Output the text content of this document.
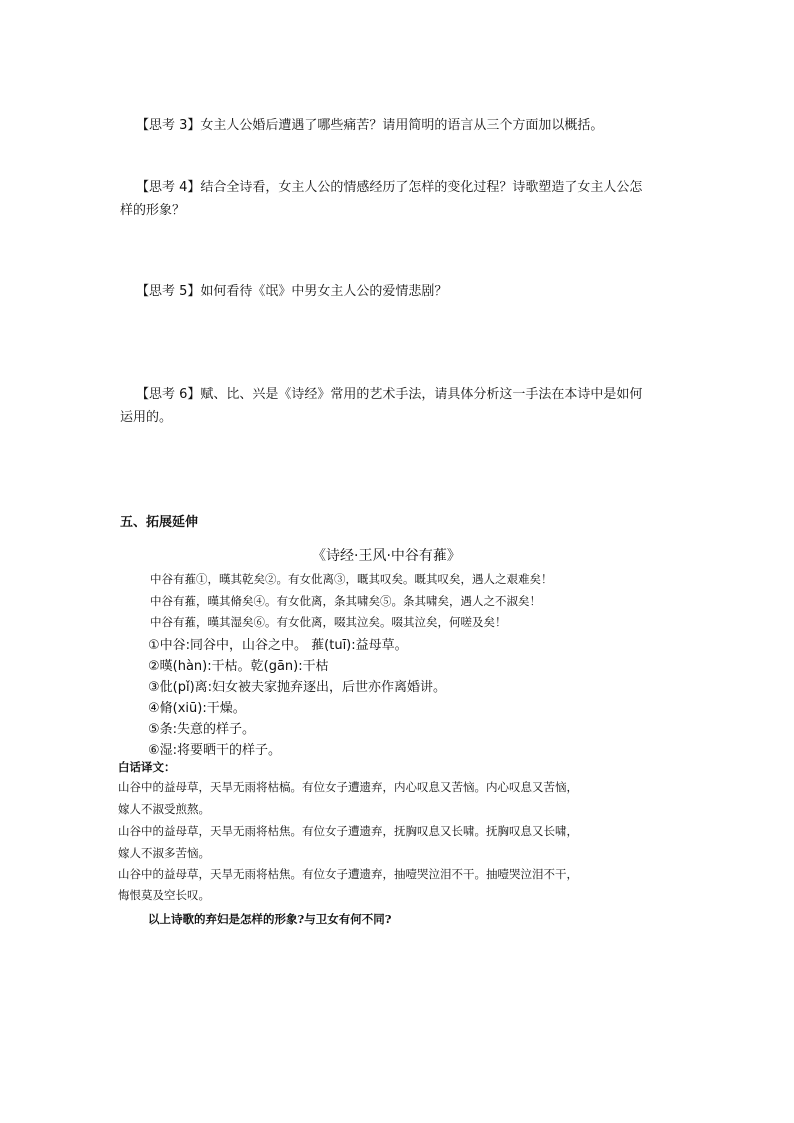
【思考 3】女主人公婚后遭遇了哪些痛苦？请用简明的语言从三个方面加以概括。
【思考 4】结合全诗看，女主人公的情感经历了怎样的变化过程？诗歌塑造了女主人公怎
样的形象？
【思考 5】如何看待《氓》中男女主人公的爱情悲剧？
【思考 6】赋、比、兴是《诗经》常用的艺术手法，请具体分析这一手法在本诗中是如何
运用的。
五、拓展延伸
《诗经·王风·中谷有蓷》
中谷有蓷①，暵其乾矣②。有女仳离③，嘅其叹矣。嘅其叹矣，遇人之艰难矣！
中谷有蓷，暵其脩矣④。有女仳离，条其啸矣⑤。条其啸矣，遇人之不淑矣！
中谷有蓷，暵其湿矣⑥。有女仳离，啜其泣矣。啜其泣矣，何嗟及矣！
①中谷:同谷中，山谷之中。 蓷(tuī):益母草。
②暵(hàn):干枯。乾(gān):干枯
③仳(pǐ)离:妇女被夫家抛弃逐出，后世亦作离婚讲。
④脩(xiū):干燥。
⑤条:失意的样子。
⑥湿:将要晒干的样子。
白话译文：
山谷中的益母草，天旱无雨将枯槁。有位女子遭遗弃，内心叹息又苦恼。内心叹息又苦恼，
嫁人不淑受煎熬。
山谷中的益母草，天旱无雨将枯焦。有位女子遭遗弃，抚胸叹息又长啸。抚胸叹息又长啸，
嫁人不淑多苦恼。
山谷中的益母草，天旱无雨将枯焦。有位女子遭遗弃，抽噎哭泣泪不干。抽噎哭泣泪不干，
悔恨莫及空长叹。
以上诗歌的弃妇是怎样的形象?与卫女有何不同?
